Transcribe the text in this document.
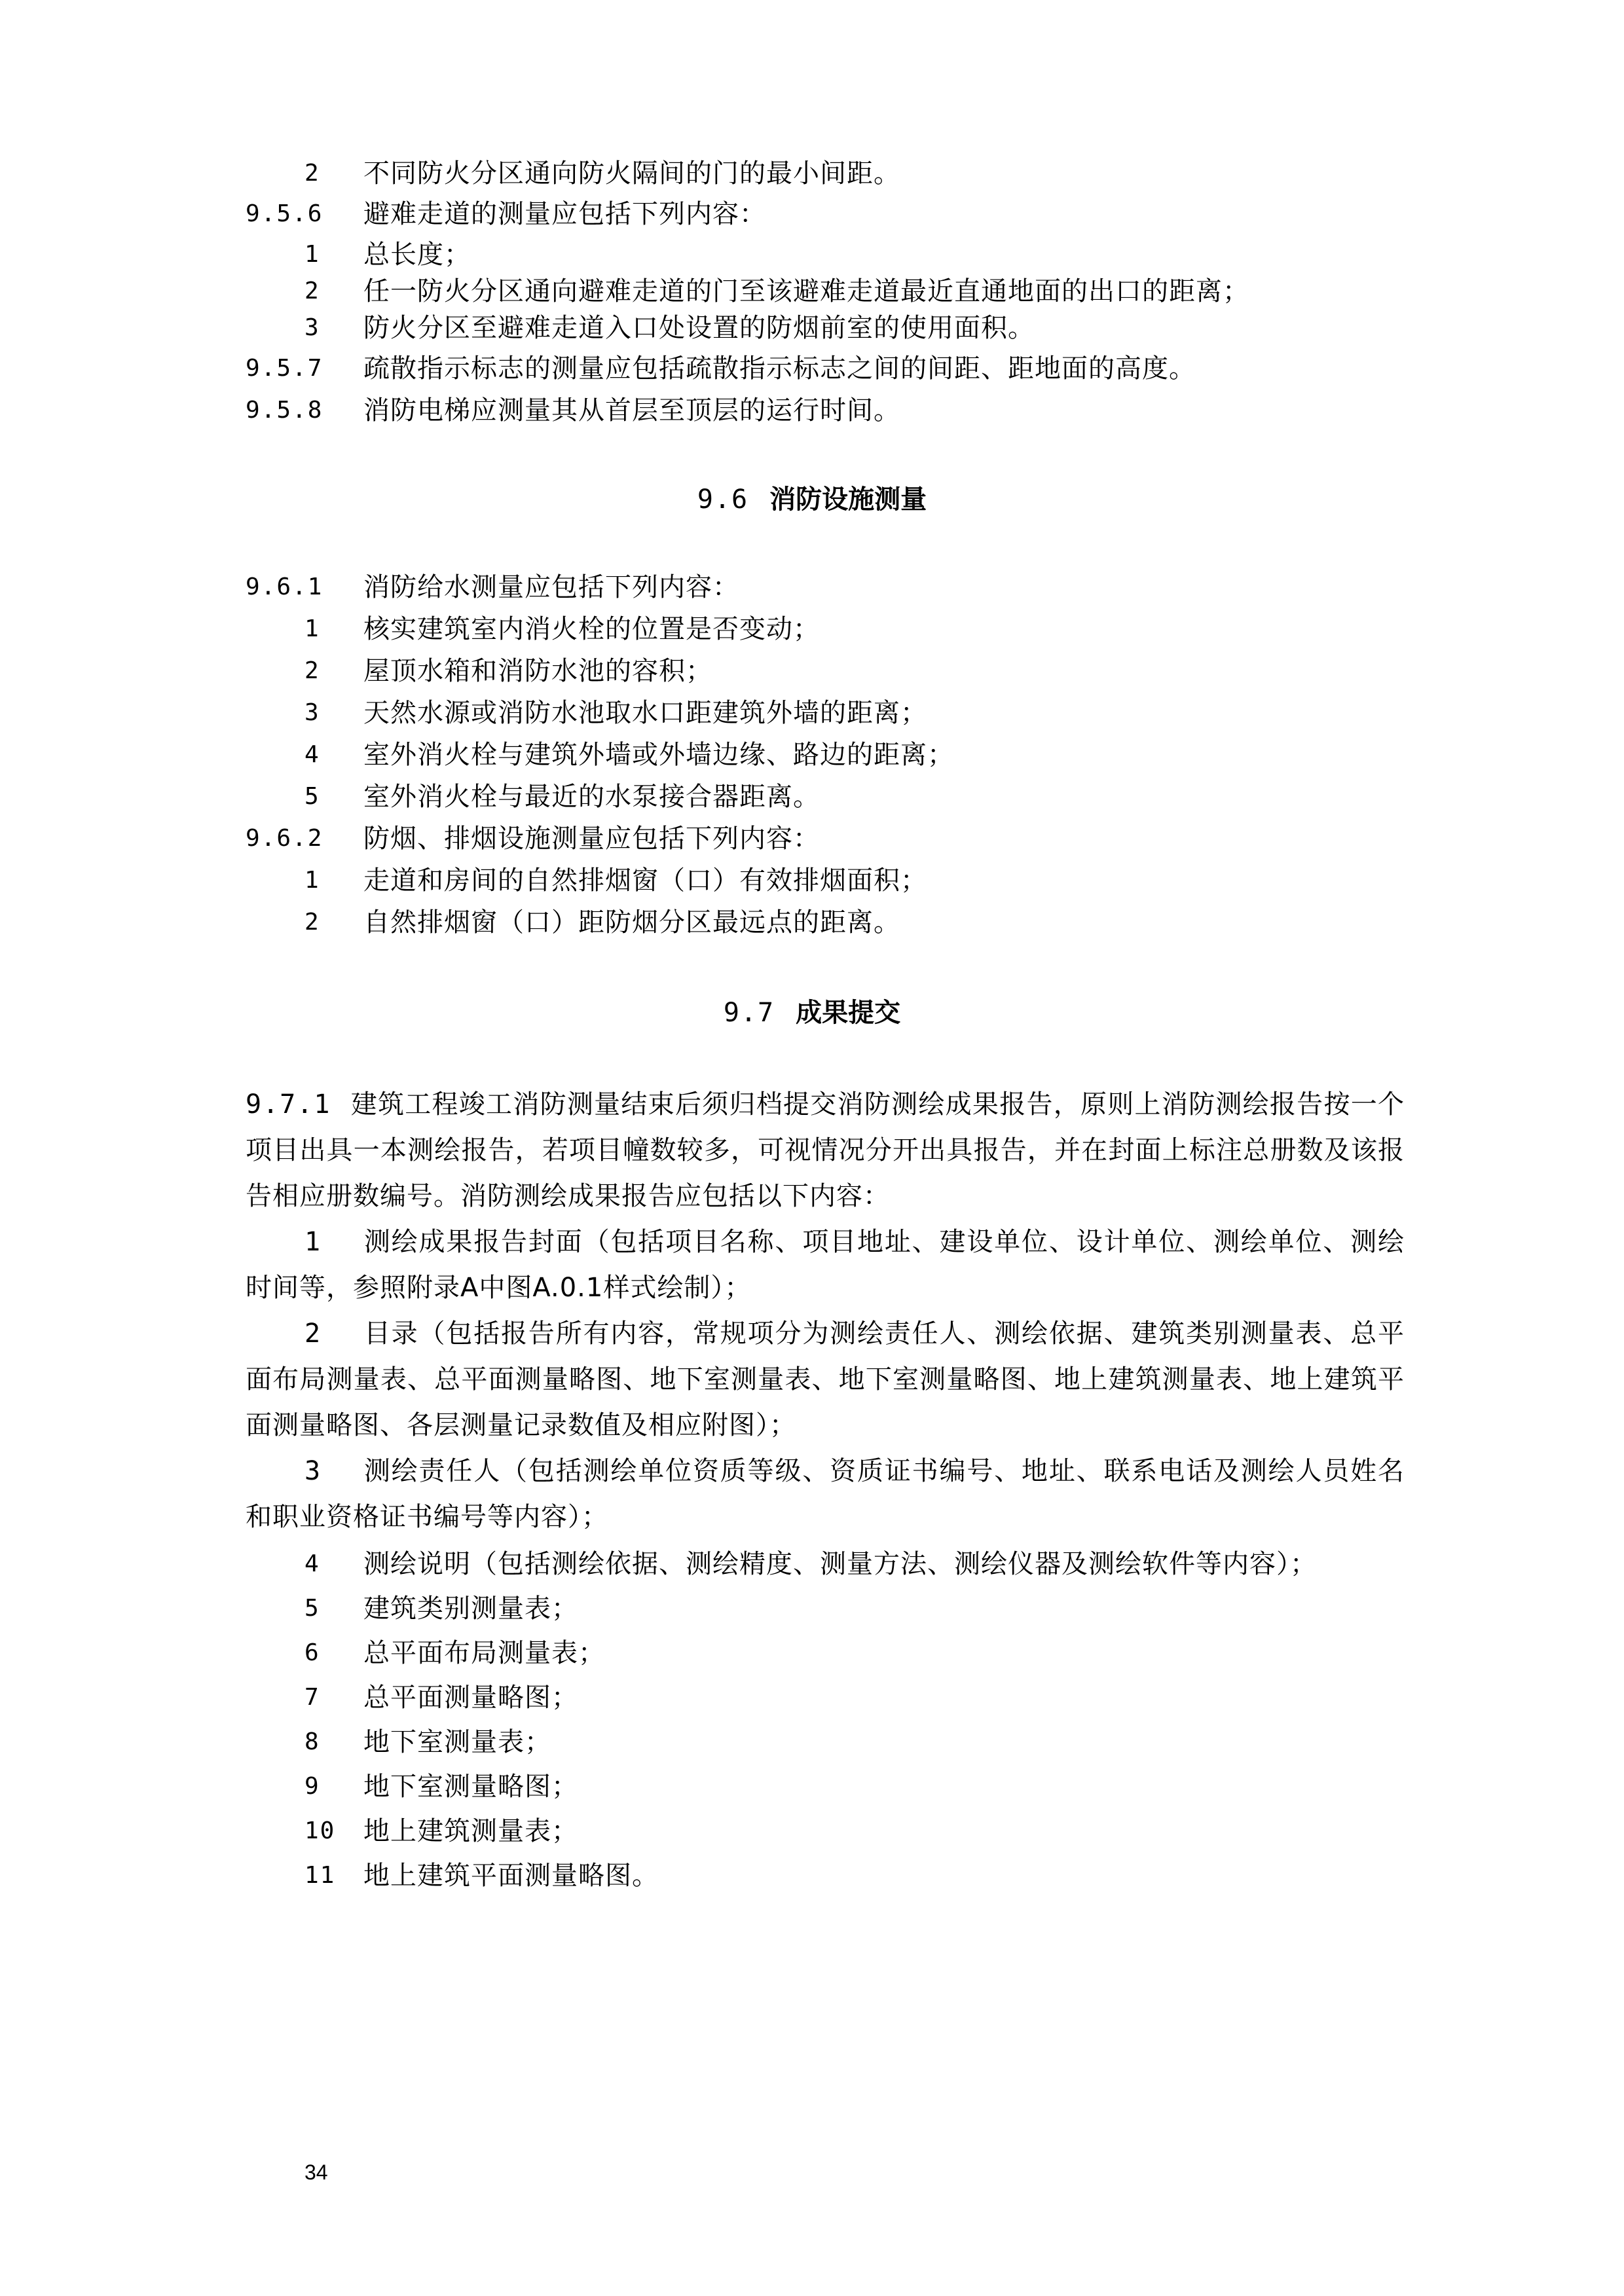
2 不同防火分区通向防火隔间的门的最小间距。
9.5.6 避难走道的测量应包括下列内容：
1 总长度；
2 任一防火分区通向避难走道的门至该避难走道最近直通地面的出口的距离；
3 防火分区至避难走道入口处设置的防烟前室的使用面积。
9.5.7 疏散指示标志的测量应包括疏散指示标志之间的间距、距地面的高度。
9.5.8 消防电梯应测量其从首层至顶层的运行时间。
9.6 消防设施测量
9.6.1 消防给水测量应包括下列内容：
1 核实建筑室内消火栓的位置是否变动；
2 屋顶水箱和消防水池的容积；
3 天然水源或消防水池取水口距建筑外墙的距离；
4 室外消火栓与建筑外墙或外墙边缘、路边的距离；
5 室外消火栓与最近的水泵接合器距离。
9.6.2 防烟、排烟设施测量应包括下列内容：
1 走道和房间的自然排烟窗（口）有效排烟面积；
2 自然排烟窗（口）距防烟分区最远点的距离。
9.7 成果提交
9.7.1 建筑工程竣工消防测量结束后须归档提交消防测绘成果报告，原则上消防测绘报告按一个项目出具一本测绘报告，若项目幢数较多，可视情况分开出具报告，并在封面上标注总册数及该报告相应册数编号。消防测绘成果报告应包括以下内容：
1 测绘成果报告封面（包括项目名称、项目地址、建设单位、设计单位、测绘单位、测绘时间等，参照附录A中图A.0.1样式绘制）；
2 目录（包括报告所有内容，常规项分为测绘责任人、测绘依据、建筑类别测量表、总平面布局测量表、总平面测量略图、地下室测量表、地下室测量略图、地上建筑测量表、地上建筑平面测量略图、各层测量记录数值及相应附图）；
3 测绘责任人（包括测绘单位资质等级、资质证书编号、地址、联系电话及测绘人员姓名和职业资格证书编号等内容）；
4 测绘说明（包括测绘依据、测绘精度、测量方法、测绘仪器及测绘软件等内容）；
5 建筑类别测量表；
6 总平面布局测量表；
7 总平面测量略图；
8 地下室测量表；
9 地下室测量略图；
10 地上建筑测量表；
11 地上建筑平面测量略图。
34
